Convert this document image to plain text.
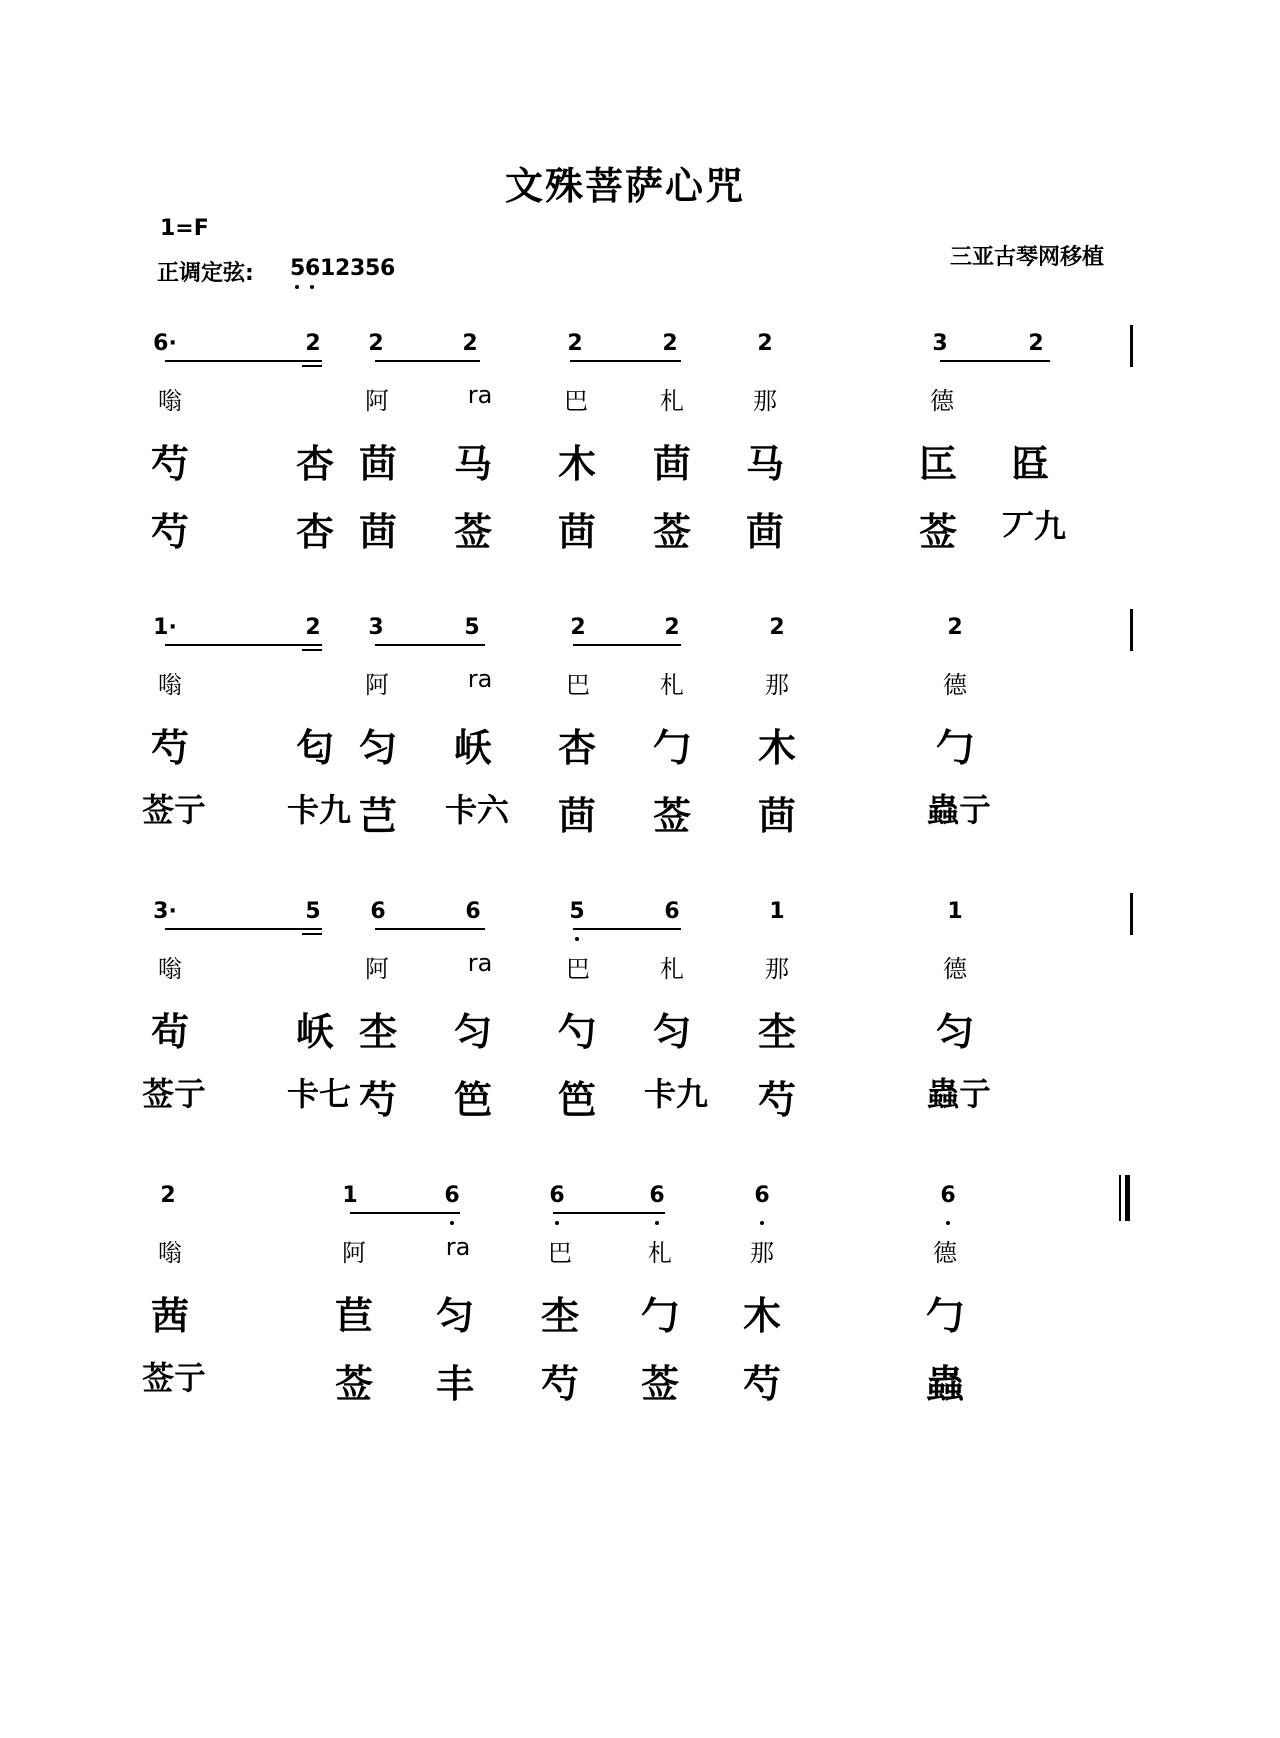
文殊菩萨心咒
1=F
正调定弦:
三亚古琴网移植
5 6 1 2 3 5 6
6·	2	2	2	2	2	2	3	2
嗡	阿	ra	巴	札	那	德
芍	杏 茴 马 木 茴 马	匞 㔯
芍	杏 茴 莶 茴 莶 茴	莶 丆九
1·	2	3	5	2	2	2	2
嗡	阿	ra	巴	札	那	德
芍	匂 匀 岆 杏 勹 木	勹
莶亍	卡九 芑 卡六 茴 莶 茴	蟲亍
3·	5	6	6	5	6	1	1
嗡	阿	ra	巴	札	那	德
茍	岆 杢 匀 勺 匀 杢	匀
莶亍	卡七 芍 笆 笆 卡九 芍	蟲亍
2	1	6	6	6	6	6
嗡	阿	ra	巴	札	那	德
茜	苣 匀 杢 勹 木	勹
莶亍	莶 丰 芍 莶 芍	蟲
